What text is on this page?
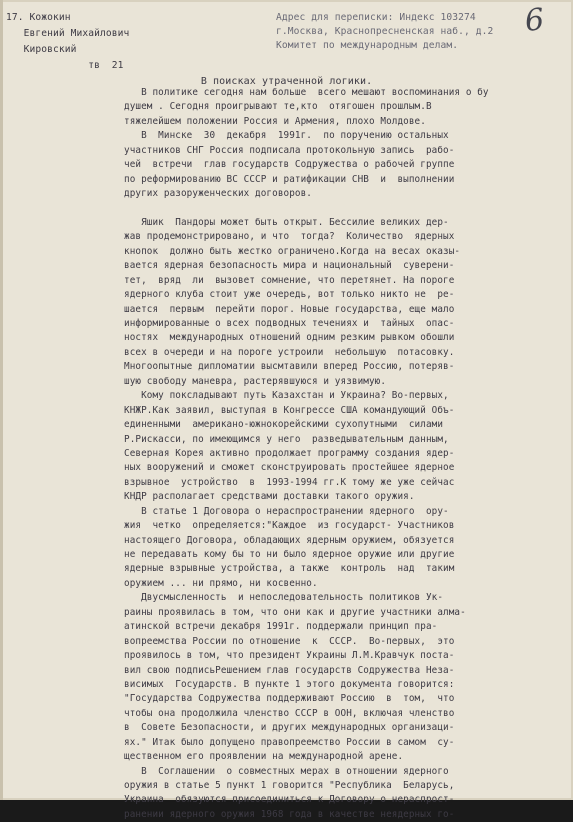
17. Кожокин
Евгений Михайлович
Кировский
тв  21
Адрес для переписки: Индекс 103274
г.Москва, Краснопресненская наб., д.2
Комитет по международным делам.
6
В поисках утраченной логики.
В политике сегодня нам больше  всего мешают воспоминания о бу
душем . Сегодня проигрывают те,кто  отягошен прошлым.В
тяжелейшем положении Россия и Армения, плохо Молдове.
В  Минске  30  декабря  1991г.  по поручению остальных
участников СНГ Россия подписала протокольную запись  рабо-
чей  встречи  глав государств Содружества о рабочей группе
по реформированию ВС СССР и ратификации СНВ  и  выполнении
других разоруженческих договоров.
Яшик  Пандоры может быть открыт. Бессилие великих дер-
жав продемонстрировано, и что  тогда?  Количество  ядерных
кнопок  должно быть жестко ограничено.Когда на весах оказы-
вается ядерная безопасность мира и национальный  суверени-
тет,  вряд  ли  вызовет сомнение, что перетянет. На пороге
ядерного клуба стоит уже очередь, вот только никто не  ре-
шается  первым  перейти порог. Новые государства, еще мало
информированные о всех подводных течениях и  тайных  опас-
ностях  международных отношений одним резким рывком обошли
всех в очереди и на пороге устроили  небольшую  потасовку.
Многоопытные дипломатии высмтавили вперед Россию, потеряв-
шую свободу маневра, растерявшуюся и уязвимую.
Кому поксладывают путь Казахстан и Украина? Во-первых,
КНЖР.Как заявил, выступая в Конгрессе США командующий Объ-
единенными  американо-южнокорейскими сухопутными  силами
Р.Рискасси, по имеющимся у него  разведывательным данным,
Северная Корея активно продолжает программу создания ядер-
ных вооружений и сможет сконструировать простейшее ядерное
взрывное  устройство  в  1993-1994 гг.К тому же уже сейчас
КНДР располагает средствами доставки такого оружия.
В статье 1 Договора о нераспространении ядерного  ору-
жия  четко  определяется:"Каждое  из государст- Участников
настоящего Договора, обладающих ядерным оружием, обязуется
не передавать кому бы то ни было ядерное оружие или другие
ядерные взрывные устройства, а также  контроль  над  таким
оружием ... ни прямо, ни косвенно.
Двусмысленность  и непоследовательность политиков Ук-
раины проявилась в том, что они как и другие участники алма-
атинской встречи декабря 1991г. поддержали принцип пра-
вопреемства России по отношение  к  СССР.  Во-первых,  это
проявилось в том, что президент Украины Л.М.Кравчук поста-
вил свою подписьРешением глав государств Содружества Неза-
висимых  Государств. В пункте 1 этого документа говорится:
"Государства Содружества поддерживают Россию  в  том,  что
чтобы она продолжила членство СССР в ООН, включая членство
в  Совете Безопасности, и других международных организаци-
ях." Итак было допущено правопреемство России в самом  су-
щественном его проявлении на международной арене.
В  Соглашении  о совместных мерах в отношении ядерного
оружия в статье 5 пункт 1 говорится "Республика  Беларусь,
Украина  обязуются присоединиться к Договору о нераспрост-
ранении ядерного оружия 1968 года в качестве неядерных го-
